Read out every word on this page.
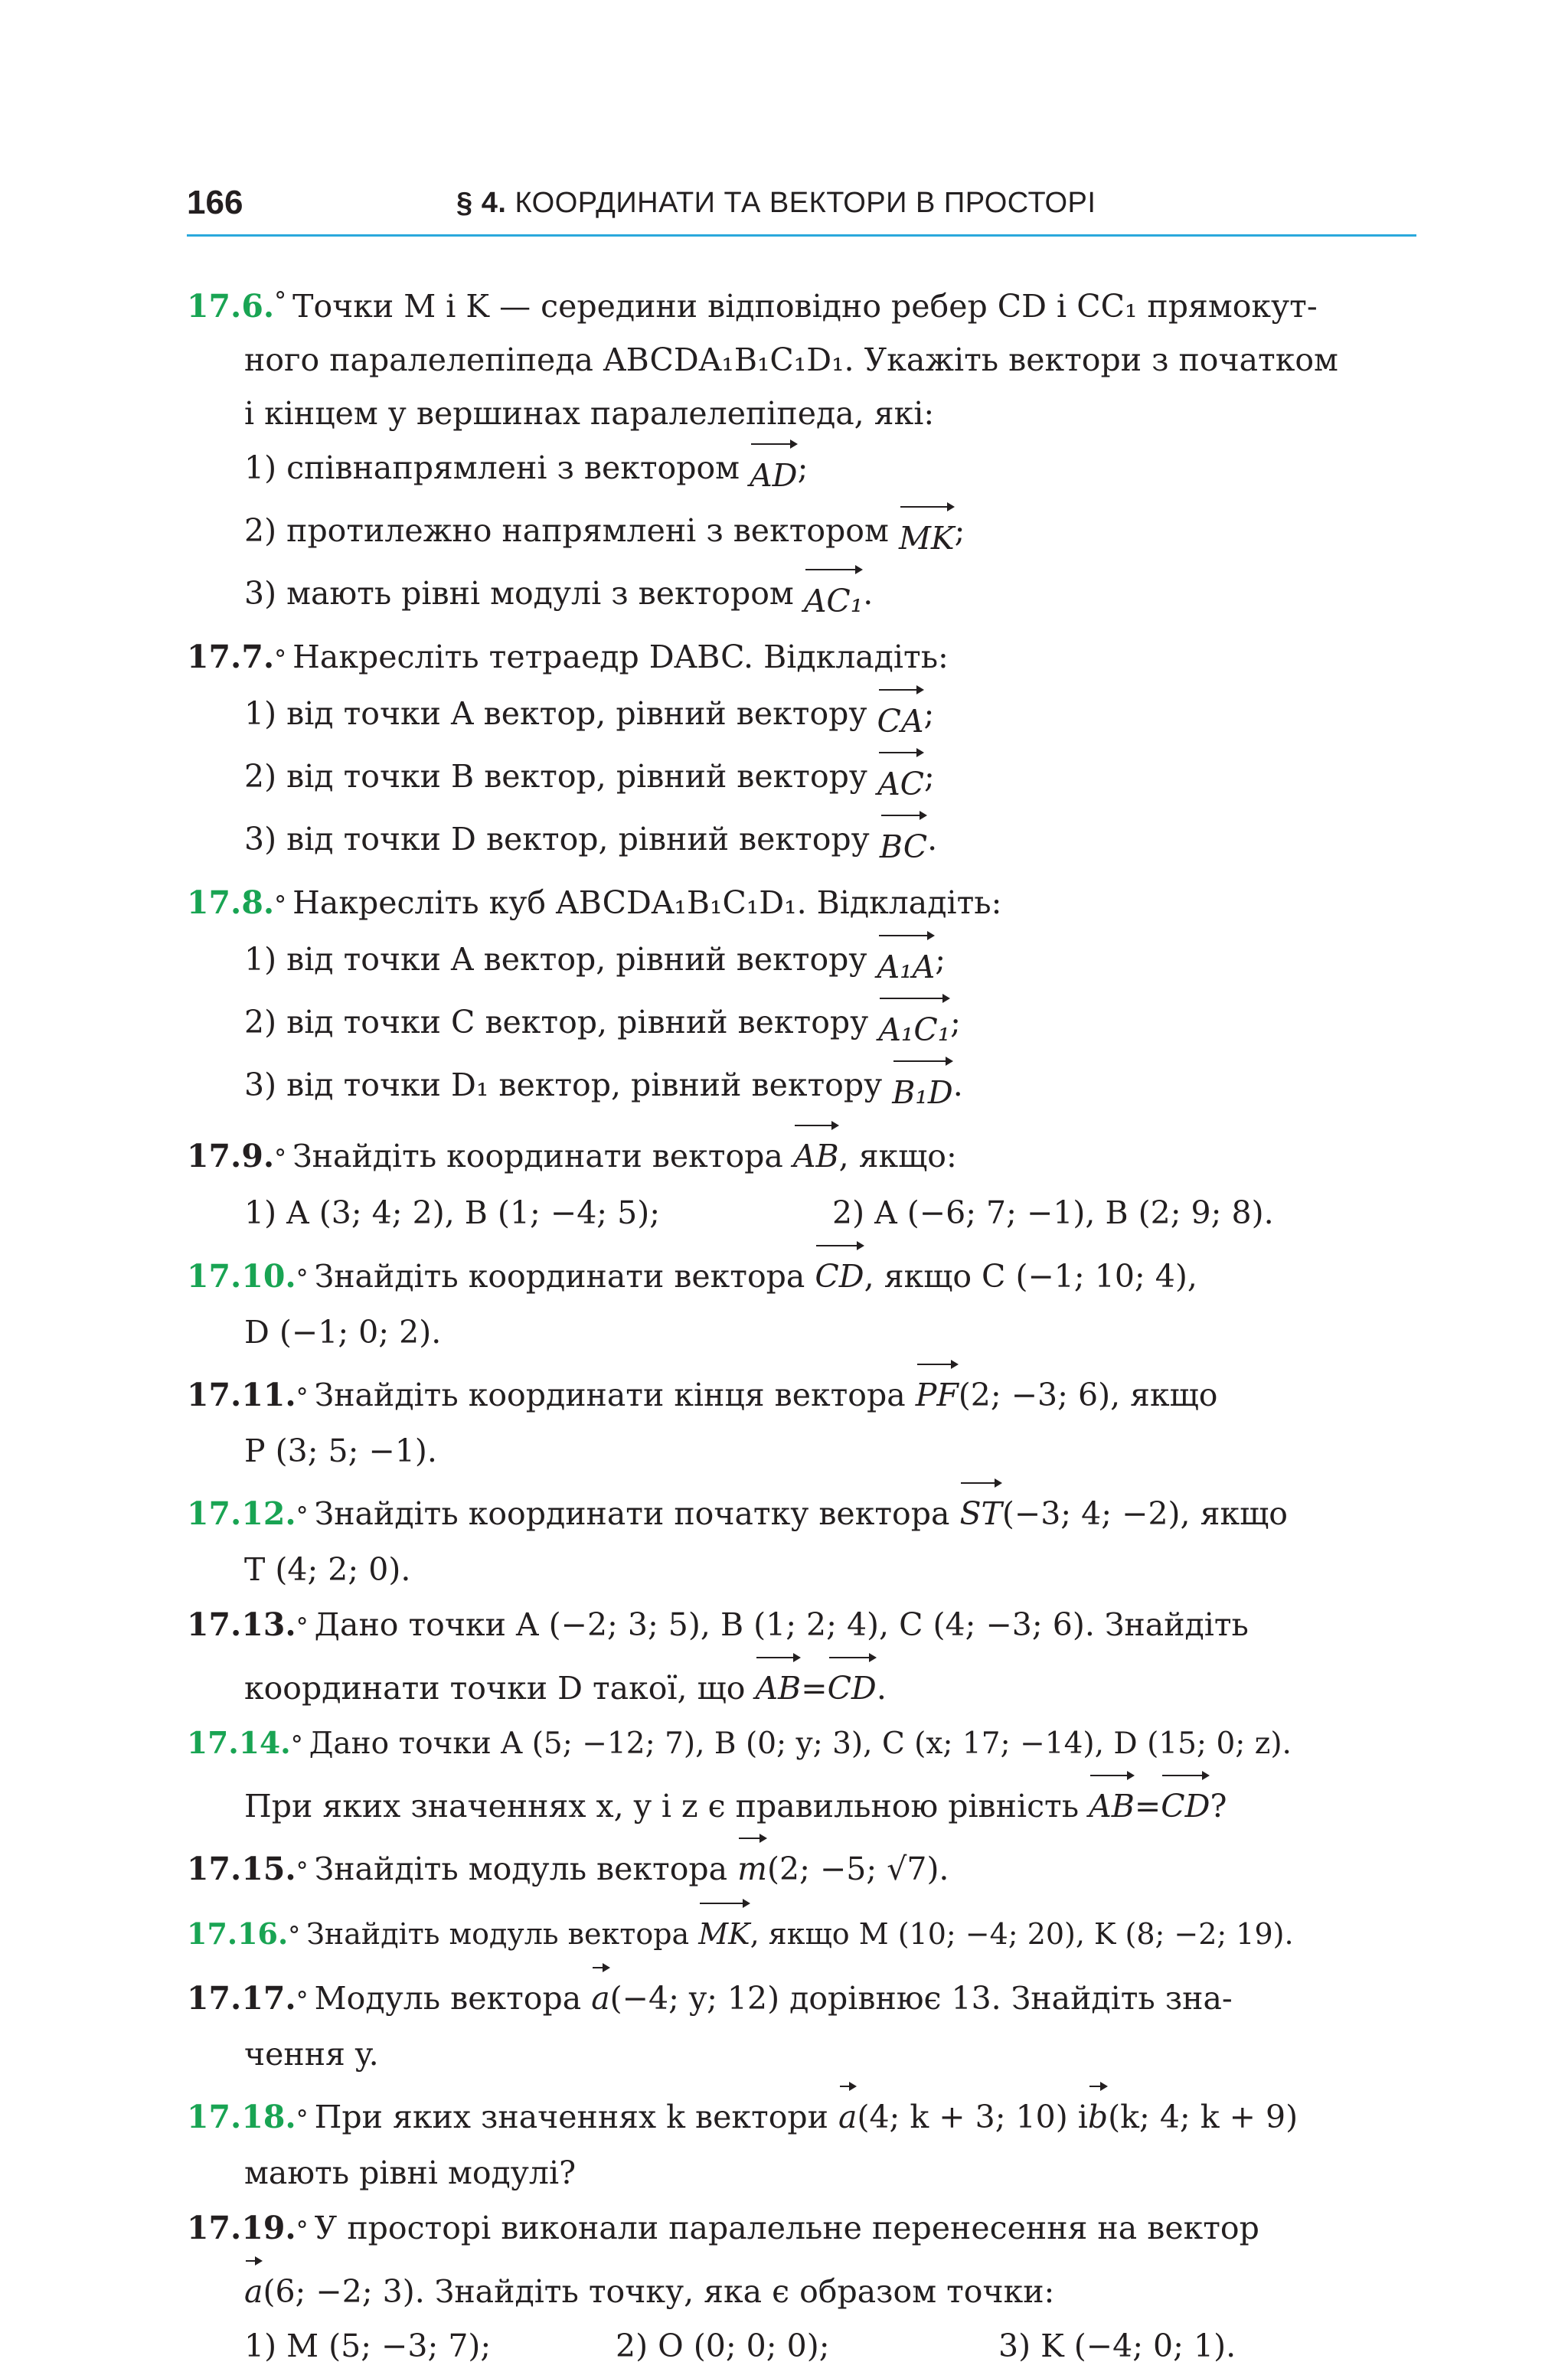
166	§ 4. КООРДИНАТИ ТА ВЕКТОРИ В ПРОСТОРІ
17.6.° Точки M і K — середини відповідно ребер CD і CC₁ прямокут-
ного паралелепіпеда ABCDA₁B₁C₁D₁. Укажіть вектори з початком
і кінцем у вершинах паралелепіпеда, які:
1) співнапрямлені з вектором
AD ;
2) протилежно напрямлені з вектором
MK ;
3) мають рівні модулі з вектором
AC₁ .
17.7. ° Накресліть тетраедр DABC. Відкладіть:
1) від точки A вектор, рівний вектору
CA ;
2) від точки B вектор, рівний вектору
AC ;
3) від точки D вектор, рівний вектору
BC .
17.8. ° Накресліть куб ABCDA₁B₁C₁D₁. Відкладіть:
1) від точки A вектор, рівний вектору
A₁A ;
2) від точки C вектор, рівний вектору
A₁C₁ ;
3) від точки D₁ вектор, рівний вектору
B₁D .
17.9. ° Знайдіть координати вектора
AB , якщо:
1) A (3; 4; 2), B (1; −4; 5);	2) A (−6; 7; −1), B (2; 9; 8).
17.10. ° Знайдіть координати вектора
CD , якщо C (−1; 10; 4),
D (−1; 0; 2).
17.11. ° Знайдіть координати кінця вектора
PF (2; −3; 6), якщо
P (3; 5; −1).
17.12. ° Знайдіть координати початку вектора
ST (−3; 4; −2), якщо
T (4; 2; 0).
17.13. ° Дано точки A (−2; 3; 5), B (1; 2; 4), C (4; −3; 6). Знайдіть
координати точки D такої, що
AB = CD .
17.14. ° Дано точки A (5; −12; 7), B (0; y; 3), C (x; 17; −14), D (15; 0; z).
При яких значеннях x, y і z є правильною рівність
AB = CD ?
17.15. ° Знайдіть модуль вектора
m (2; −5; √7).
17.16. ° Знайдіть модуль вектора
MK , якщо M (10; −4; 20), K (8; −2; 19).
17.17. ° Модуль вектора
a (−4; y; 12) дорівнює 13. Знайдіть зна-
чення y.
17.18. ° При яких значеннях k вектори
a (4; k + 3; 10) і b (k; 4; k + 9)
мають рівні модулі?
17.19. ° У просторі виконали паралельне перенесення на вектор
a (6; −2; 3). Знайдіть точку, яка є образом точки:
1) M (5; −3; 7);	2) O (0; 0; 0);	3) K (−4; 0; 1).
